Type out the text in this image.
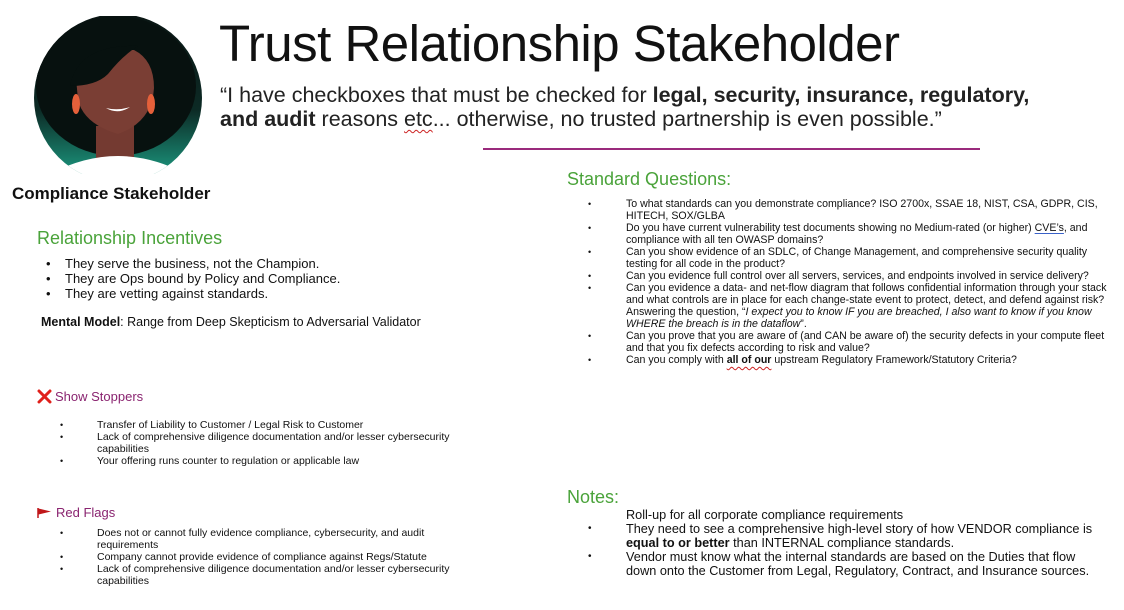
Compliance Stakeholder
Trust Relationship Stakeholder
“I have checkboxes that must be checked for legal, security, insurance, regulatory,
and audit reasons etc... otherwise, no trusted partnership is even possible.”
Relationship Incentives
• They serve the business, not the Champion.
• They are Ops bound by Policy and Compliance.
• They are vetting against standards.
Mental Model: Range from Deep Skepticism to Adversarial Validator
Show Stoppers
• Transfer of Liability to Customer / Legal Risk to Customer
• Lack of comprehensive diligence documentation and/or lesser cybersecurity capabilities
• Your offering runs counter to regulation or applicable law
Red Flags
• Does not or cannot fully evidence compliance, cybersecurity, and audit requirements
• Company cannot provide evidence of compliance against Regs/Statute
• Lack of comprehensive diligence documentation and/or lesser cybersecurity capabilities
Standard Questions:
• To what standards can you demonstrate compliance? ISO 2700x, SSAE 18, NIST, CSA, GDPR, CIS, HITECH, SOX/GLBA
• Do you have current vulnerability test documents showing no Medium-rated (or higher) CVE’s, and compliance with all ten OWASP domains?
• Can you show evidence of an SDLC, of Change Management, and comprehensive security quality testing for all code in the product?
• Can you evidence full control over all servers, services, and endpoints involved in service delivery?
• Can you evidence a data- and net-flow diagram that follows confidential information through your stack and what controls are in place for each change-state event to protect, detect, and defend against risk? Answering the question, “I expect you to know IF you are breached, I also want to know if you know WHERE the breach is in the dataflow”.
• Can you prove that you are aware of (and CAN be aware of) the security defects in your compute fleet and that you fix defects according to risk and value?
• Can you comply with all of our upstream Regulatory Framework/Statutory Criteria?
Notes:
Roll-up for all corporate compliance requirements
• They need to see a comprehensive high-level story of how VENDOR compliance is equal to or better than INTERNAL compliance standards.
• Vendor must know what the internal standards are based on the Duties that flow down onto the Customer from Legal, Regulatory, Contract, and Insurance sources.
